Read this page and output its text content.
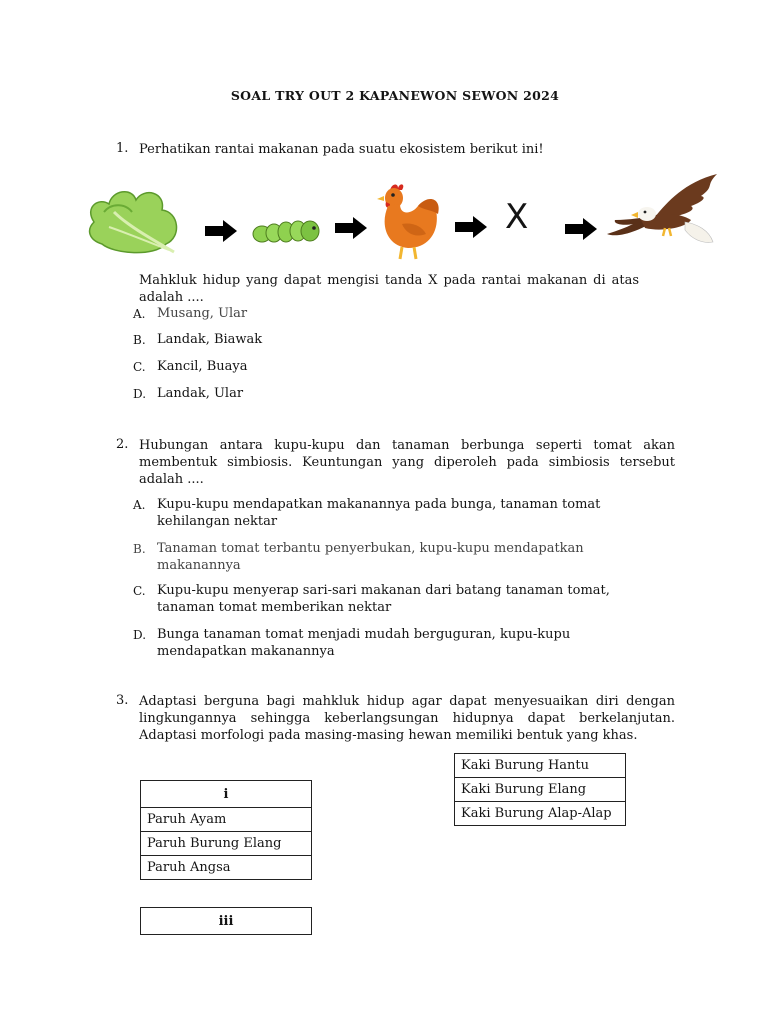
SOAL TRY OUT 2 KAPANEWON SEWON 2024
1. Perhatikan rantai makanan pada suatu ekosistem berikut ini!
X
Mahkluk hidup yang dapat mengisi tanda X pada rantai makanan di atas adalah ....
A. Musang, Ular
B. Landak, Biawak
C. Kancil, Buaya
D. Landak, Ular
2. Hubungan antara kupu-kupu dan tanaman berbunga seperti tomat akan membentuk simbiosis. Keuntungan yang diperoleh pada simbiosis tersebut adalah ....
A. Kupu-kupu mendapatkan makanannya pada bunga, tanaman tomat kehilangan nektar
B. Tanaman tomat terbantu penyerbukan, kupu-kupu mendapatkan makanannya
C. Kupu-kupu menyerap sari-sari makanan dari batang tanaman tomat, tanaman tomat memberikan nektar
D. Bunga tanaman tomat menjadi mudah berguguran, kupu-kupu mendapatkan makanannya
3. Adaptasi berguna bagi mahkluk hidup agar dapat menyesuaikan diri dengan lingkungannya sehingga keberlangsungan hidupnya dapat berkelanjutan. Adaptasi morfologi pada masing-masing hewan memiliki bentuk yang khas.
i
Paruh Ayam
Paruh Burung Elang
Paruh Angsa
Kaki Burung Hantu
Kaki Burung Elang
Kaki Burung Alap-Alap
iii
